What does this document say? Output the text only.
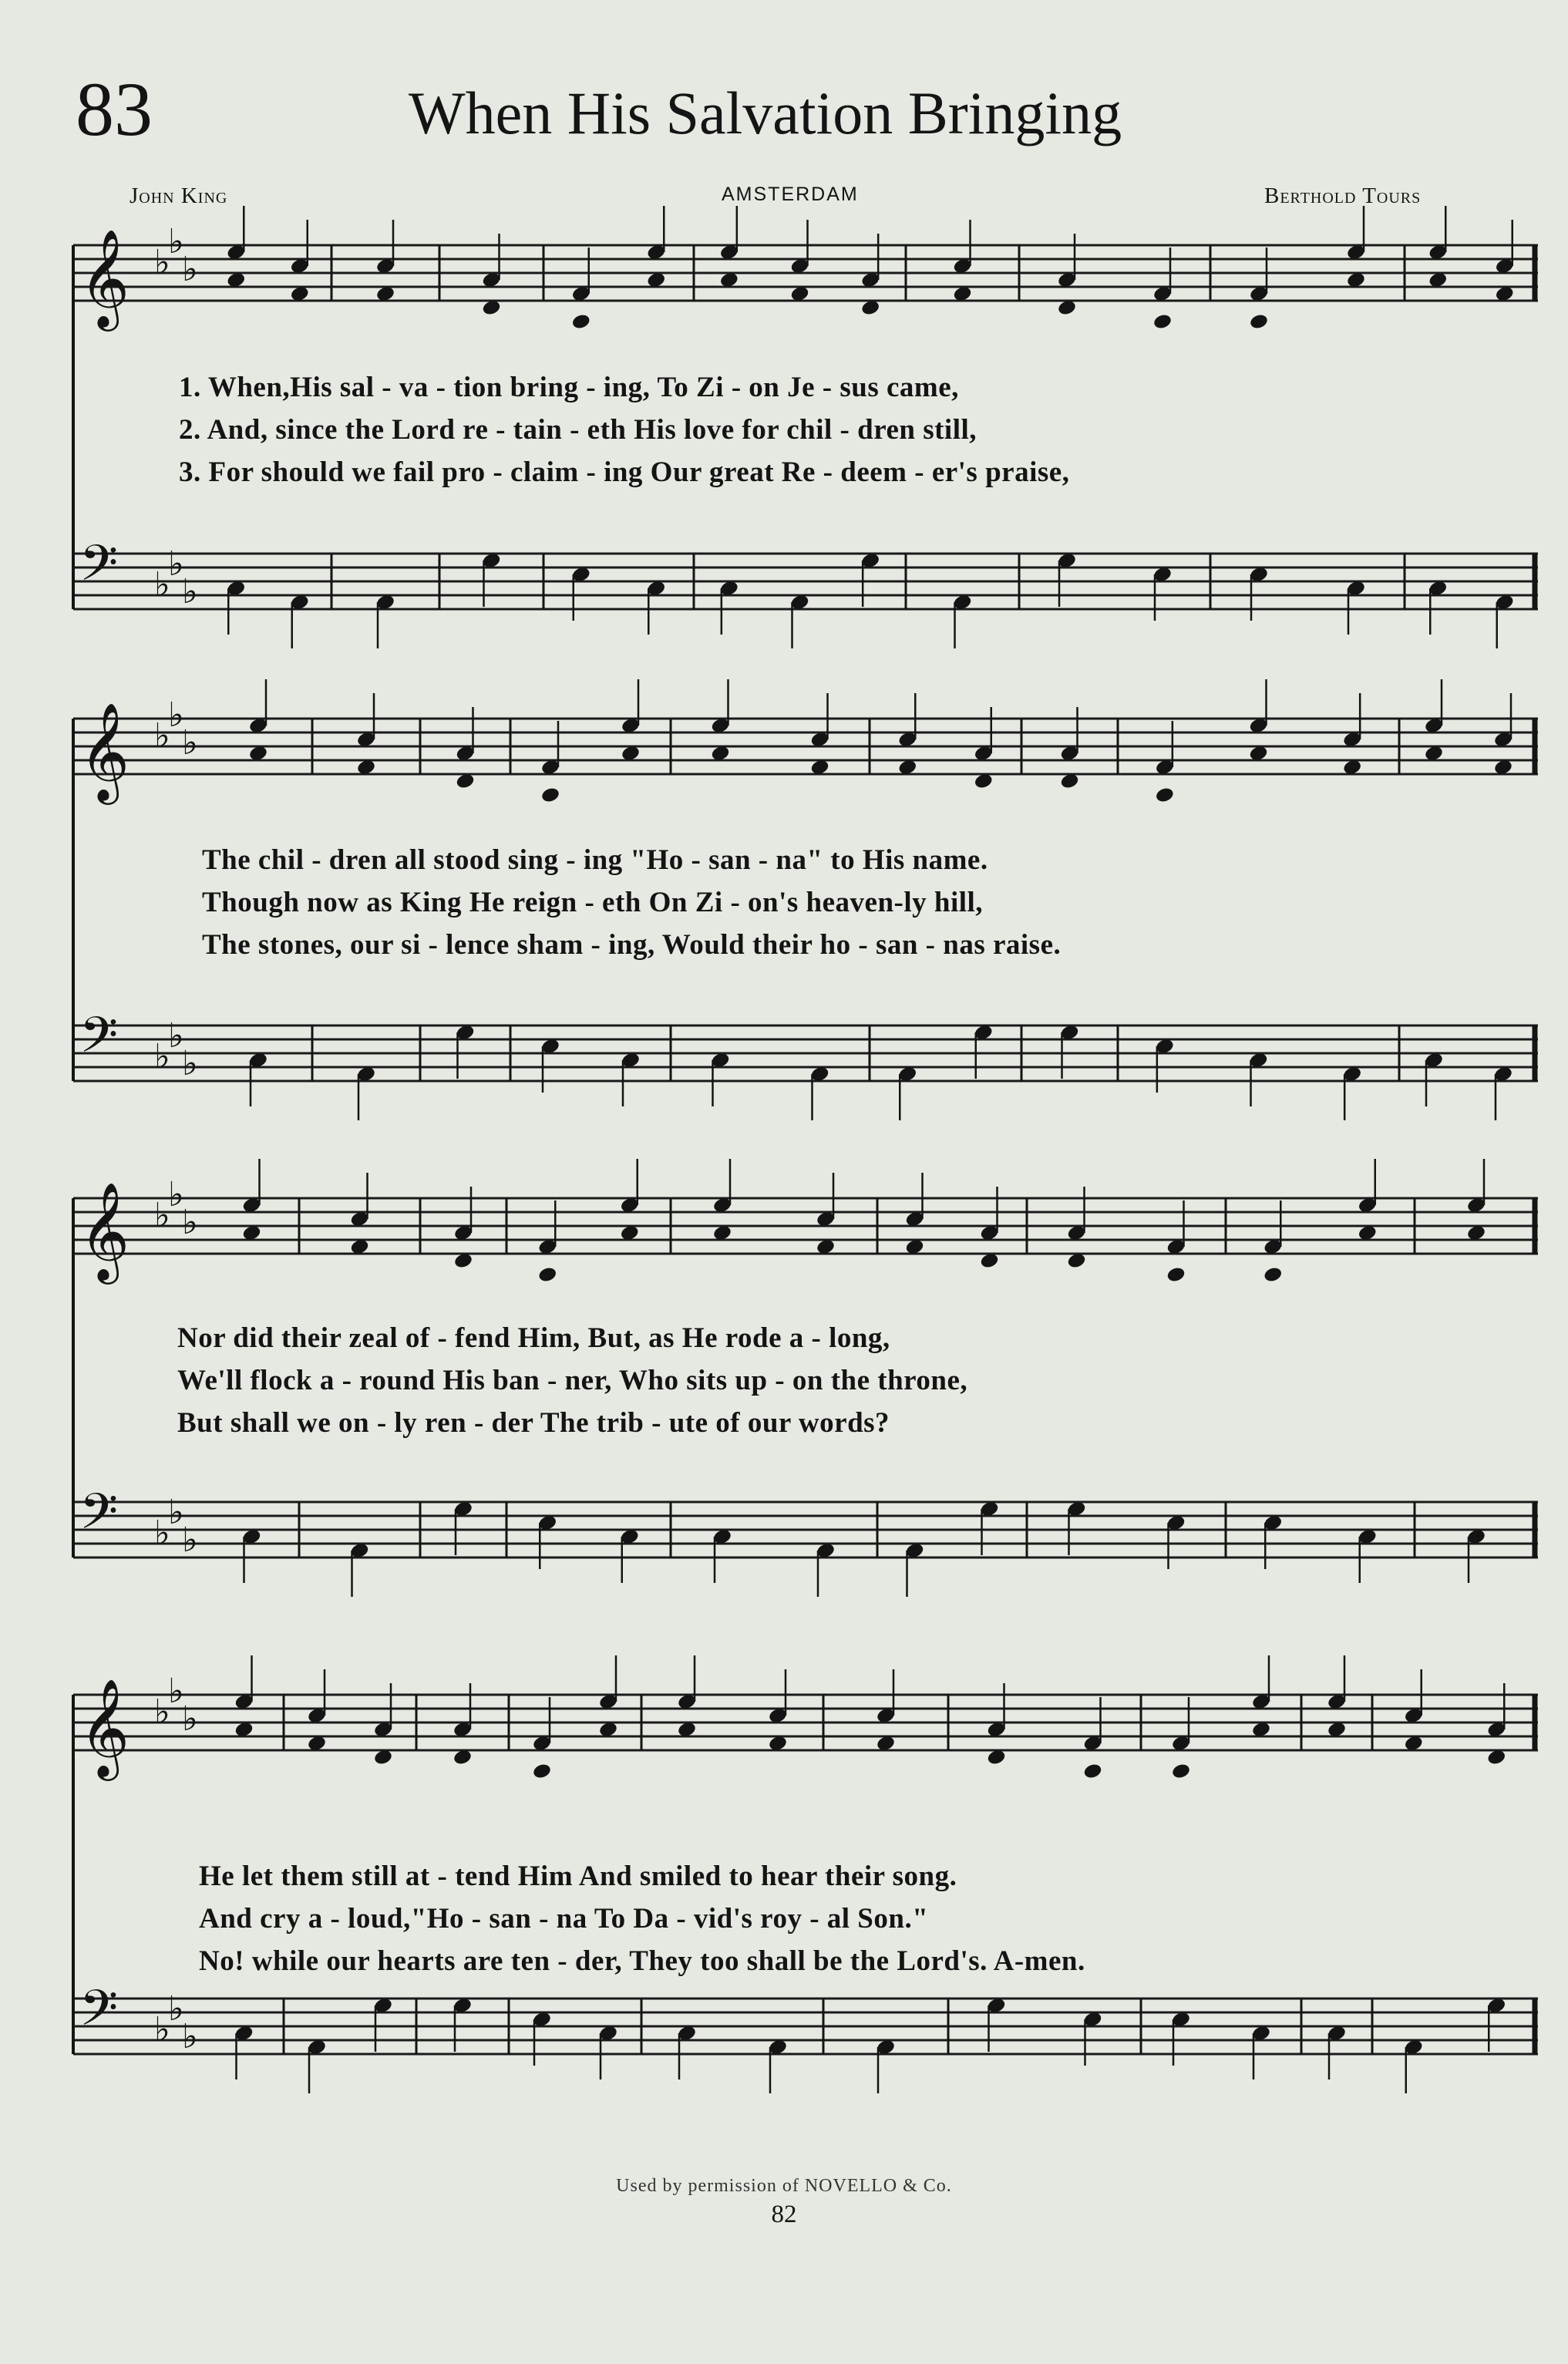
83	When His Salvation Bringing
John King	AMSTERDAM	Berthold Tours
𝄞 ♭
♭
♭
𝄢 ♭
♭
♭
𝄞 ♭
♭
♭
𝄢 ♭
♭
♭
𝄞 ♭
♭
♭
𝄢 ♭
♭
♭
𝄞 ♭
♭
♭
𝄢 ♭
♭
♭
1. When,His sal - va - tion bring - ing, To Zi - on Je - sus came,
2. And, since the Lord re - tain - eth His love for chil - dren still,
3. For should we fail pro - claim - ing Our great Re - deem - er's praise,
The chil - dren all stood sing - ing "Ho - san - na" to His name.
Though now as King He reign - eth On Zi - on's heaven-ly hill,
The stones, our si - lence sham - ing, Would their ho - san - nas raise.
Nor did their zeal of - fend Him, But, as He rode a - long,
We'll flock a - round His ban - ner, Who sits up - on the throne,
But shall we on - ly ren - der The trib - ute of our words?
He let them still at - tend Him And smiled to hear their song.
And cry a - loud,"Ho - san - na To Da - vid's roy - al Son."
No! while our hearts are ten - der, They too shall be the Lord's. A-men.
Used by permission of NOVELLO & Co.
82
